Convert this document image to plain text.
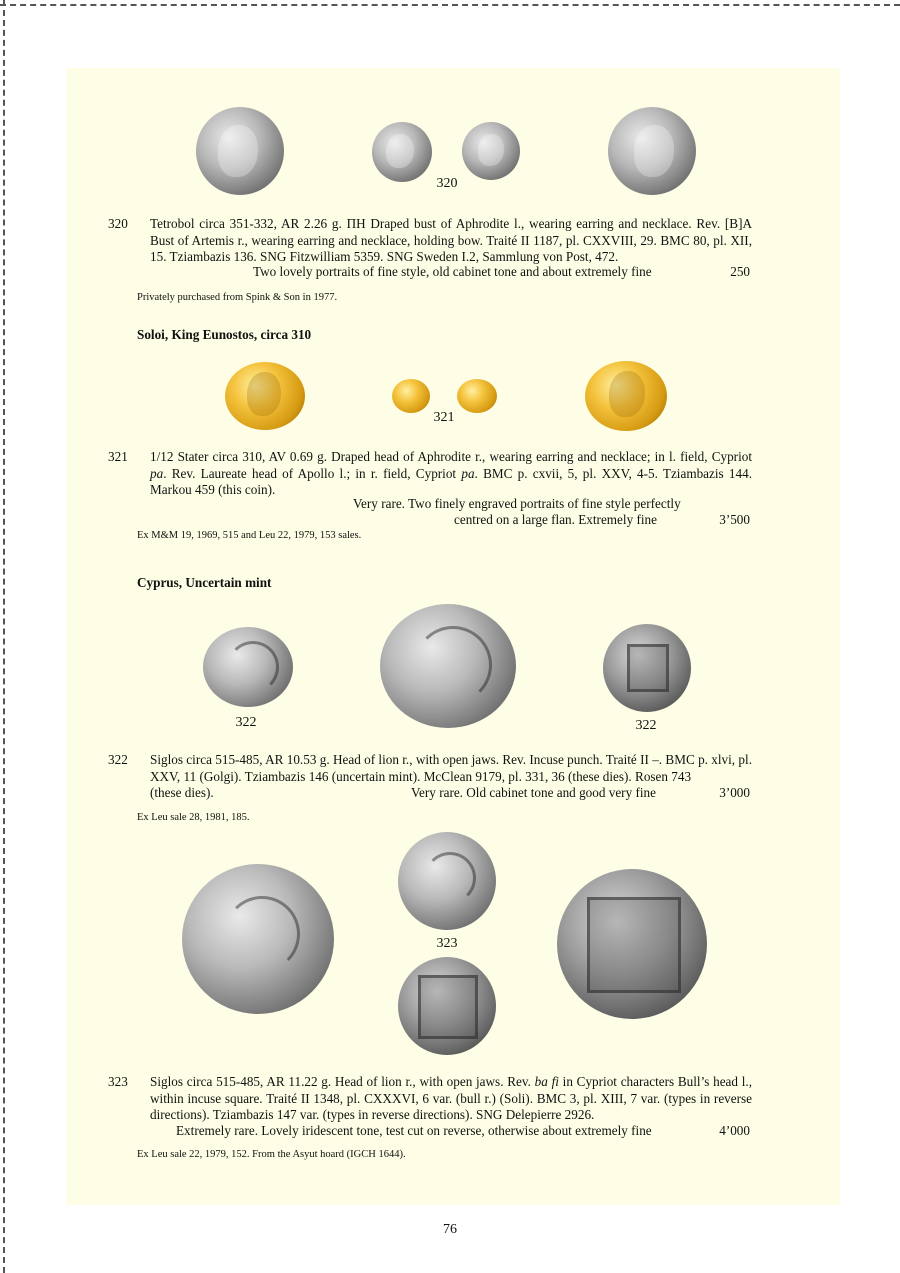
320
320 Tetrobol circa 351-332, AR 2.26 g. ПН Draped bust of Aphrodite l., wearing earring and necklace. Rev. [B]A Bust of Artemis r., wearing earring and necklace, holding bow. Traité II 1187, pl. CXXVIII, 29. BMC 80, pl. XII, 15. Tziambazis 136. SNG Fitzwilliam 5359. SNG Sweden I.2, Sammlung von Post, 472.
Two lovely portraits of fine style, old cabinet tone and about extremely fine	250
Privately purchased from Spink & Son in 1977.
Soloi, King Eunostos, circa 310
321
321 1/12 Stater circa 310, AV 0.69 g. Draped head of Aphrodite r., wearing earring and necklace; in l. field, Cypriot pa. Rev. Laureate head of Apollo l.; in r. field, Cypriot pa. BMC p. cxvii, 5, pl. XXV, 4-5. Tziambazis 144. Markou 459 (this coin).
Very rare. Two finely engraved portraits of fine style perfectly
centred on a large flan. Extremely fine	3’500
Ex M&M 19, 1969, 515 and Leu 22, 1979, 153 sales.
Cyprus, Uncertain mint
322	322
322 Siglos circa 515-485, AR 10.53 g. Head of lion r., with open jaws. Rev. Incuse punch. Traité II –. BMC p. xlvi, pl. XXV, 11 (Golgi). Tziambazis 146 (uncertain mint). McClean 9179, pl. 331, 36 (these dies). Rosen 743
(these dies).	Very rare. Old cabinet tone and good very fine	3’000
Ex Leu sale 28, 1981, 185.
323
323 Siglos circa 515-485, AR 11.22 g. Head of lion r., with open jaws. Rev. ba fi in Cypriot characters Bull’s head l., within incuse square. Traité II 1348, pl. CXXXVI, 6 var. (bull r.) (Soli). BMC 3, pl. XIII, 7 var. (types in reverse directions). Tziambazis 147 var. (types in reverse directions). SNG Delepierre 2926.
Extremely rare. Lovely iridescent tone, test cut on reverse, otherwise about extremely fine	4’000
Ex Leu sale 22, 1979, 152. From the Asyut hoard (IGCH 1644).
76
